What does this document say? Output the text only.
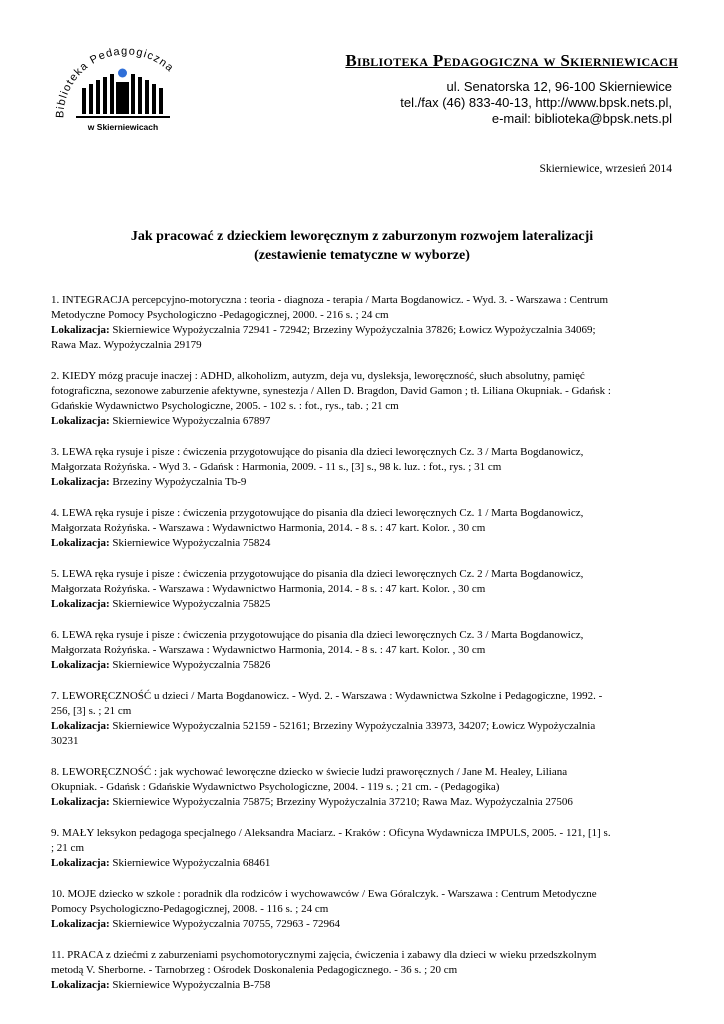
Biblioteka Pedagogiczna
w Skierniewicach
Biblioteka Pedagogiczna w Skierniewicach
ul. Senatorska 12, 96-100 Skierniewice
tel./fax (46) 833-40-13, http://www.bpsk.nets.pl,
e-mail: biblioteka@bpsk.nets.pl
Skierniewice, wrzesień 2014
Jak pracować z dzieckiem leworęcznym z zaburzonym rozwojem lateralizacji
(zestawienie tematyczne w wyborze)
1. INTEGRACJA percepcyjno-motoryczna : teoria - diagnoza - terapia / Marta Bogdanowicz. - Wyd. 3. - Warszawa : Centrum
Metodyczne Pomocy Psychologiczno -Pedagogicznej, 2000. - 216 s. ; 24 cm
Lokalizacja: Skierniewice Wypożyczalnia 72941 - 72942; Brzeziny Wypożyczalnia 37826; Łowicz Wypożyczalnia 34069;
Rawa Maz. Wypożyczalnia 29179
2. KIEDY mózg pracuje inaczej : ADHD, alkoholizm, autyzm, deja vu, dysleksja, leworęczność, słuch absolutny, pamięć
fotograficzna, sezonowe zaburzenie afektywne, synestezja / Allen D. Bragdon, David Gamon ; tł. Liliana Okupniak. - Gdańsk :
Gdańskie Wydawnictwo Psychologiczne, 2005. - 102 s. : fot., rys., tab. ; 21 cm
Lokalizacja: Skierniewice Wypożyczalnia 67897
3. LEWA ręka rysuje i pisze : ćwiczenia przygotowujące do pisania dla dzieci leworęcznych Cz. 3 / Marta Bogdanowicz,
Małgorzata Rożyńska. - Wyd 3. - Gdańsk : Harmonia, 2009. - 11 s., [3] s., 98 k. luz. : fot., rys. ; 31 cm
Lokalizacja: Brzeziny Wypożyczalnia Tb-9
4. LEWA ręka rysuje i pisze : ćwiczenia przygotowujące do pisania dla dzieci leworęcznych Cz. 1 / Marta Bogdanowicz,
Małgorzata Rożyńska. - Warszawa : Wydawnictwo Harmonia, 2014. - 8 s. : 47 kart. Kolor. , 30 cm
Lokalizacja: Skierniewice Wypożyczalnia 75824
5. LEWA ręka rysuje i pisze : ćwiczenia przygotowujące do pisania dla dzieci leworęcznych Cz. 2 / Marta Bogdanowicz,
Małgorzata Rożyńska. - Warszawa : Wydawnictwo Harmonia, 2014. - 8 s. : 47 kart. Kolor. , 30 cm
Lokalizacja: Skierniewice Wypożyczalnia 75825
6. LEWA ręka rysuje i pisze : ćwiczenia przygotowujące do pisania dla dzieci leworęcznych Cz. 3 / Marta Bogdanowicz,
Małgorzata Rożyńska. - Warszawa : Wydawnictwo Harmonia, 2014. - 8 s. : 47 kart. Kolor. , 30 cm
Lokalizacja: Skierniewice Wypożyczalnia 75826
7. LEWORĘCZNOŚĆ u dzieci / Marta Bogdanowicz. - Wyd. 2. - Warszawa : Wydawnictwa Szkolne i Pedagogiczne, 1992. -
256, [3] s. ; 21 cm
Lokalizacja: Skierniewice Wypożyczalnia 52159 - 52161; Brzeziny Wypożyczalnia 33973, 34207; Łowicz Wypożyczalnia
30231
8. LEWORĘCZNOŚĆ : jak wychować leworęczne dziecko w świecie ludzi praworęcznych / Jane M. Healey, Liliana
Okupniak. - Gdańsk : Gdańskie Wydawnictwo Psychologiczne, 2004. - 119 s. ; 21 cm. - (Pedagogika)
Lokalizacja: Skierniewice Wypożyczalnia 75875; Brzeziny Wypożyczalnia 37210; Rawa Maz. Wypożyczalnia 27506
9. MAŁY leksykon pedagoga specjalnego / Aleksandra Maciarz. - Kraków : Oficyna Wydawnicza IMPULS, 2005. - 121, [1] s.
; 21 cm
Lokalizacja: Skierniewice Wypożyczalnia 68461
10. MOJE dziecko w szkole : poradnik dla rodziców i wychowawców / Ewa Góralczyk. - Warszawa : Centrum Metodyczne
Pomocy Psychologiczno-Pedagogicznej, 2008. - 116 s. ; 24 cm
Lokalizacja: Skierniewice Wypożyczalnia 70755, 72963 - 72964
11. PRACA z dziećmi z zaburzeniami psychomotorycznymi zajęcia, ćwiczenia i zabawy dla dzieci w wieku przedszkolnym
metodą V. Sherborne. - Tarnobrzeg : Ośrodek Doskonalenia Pedagogicznego. - 36 s. ; 20 cm
Lokalizacja: Skierniewice Wypożyczalnia B-758
